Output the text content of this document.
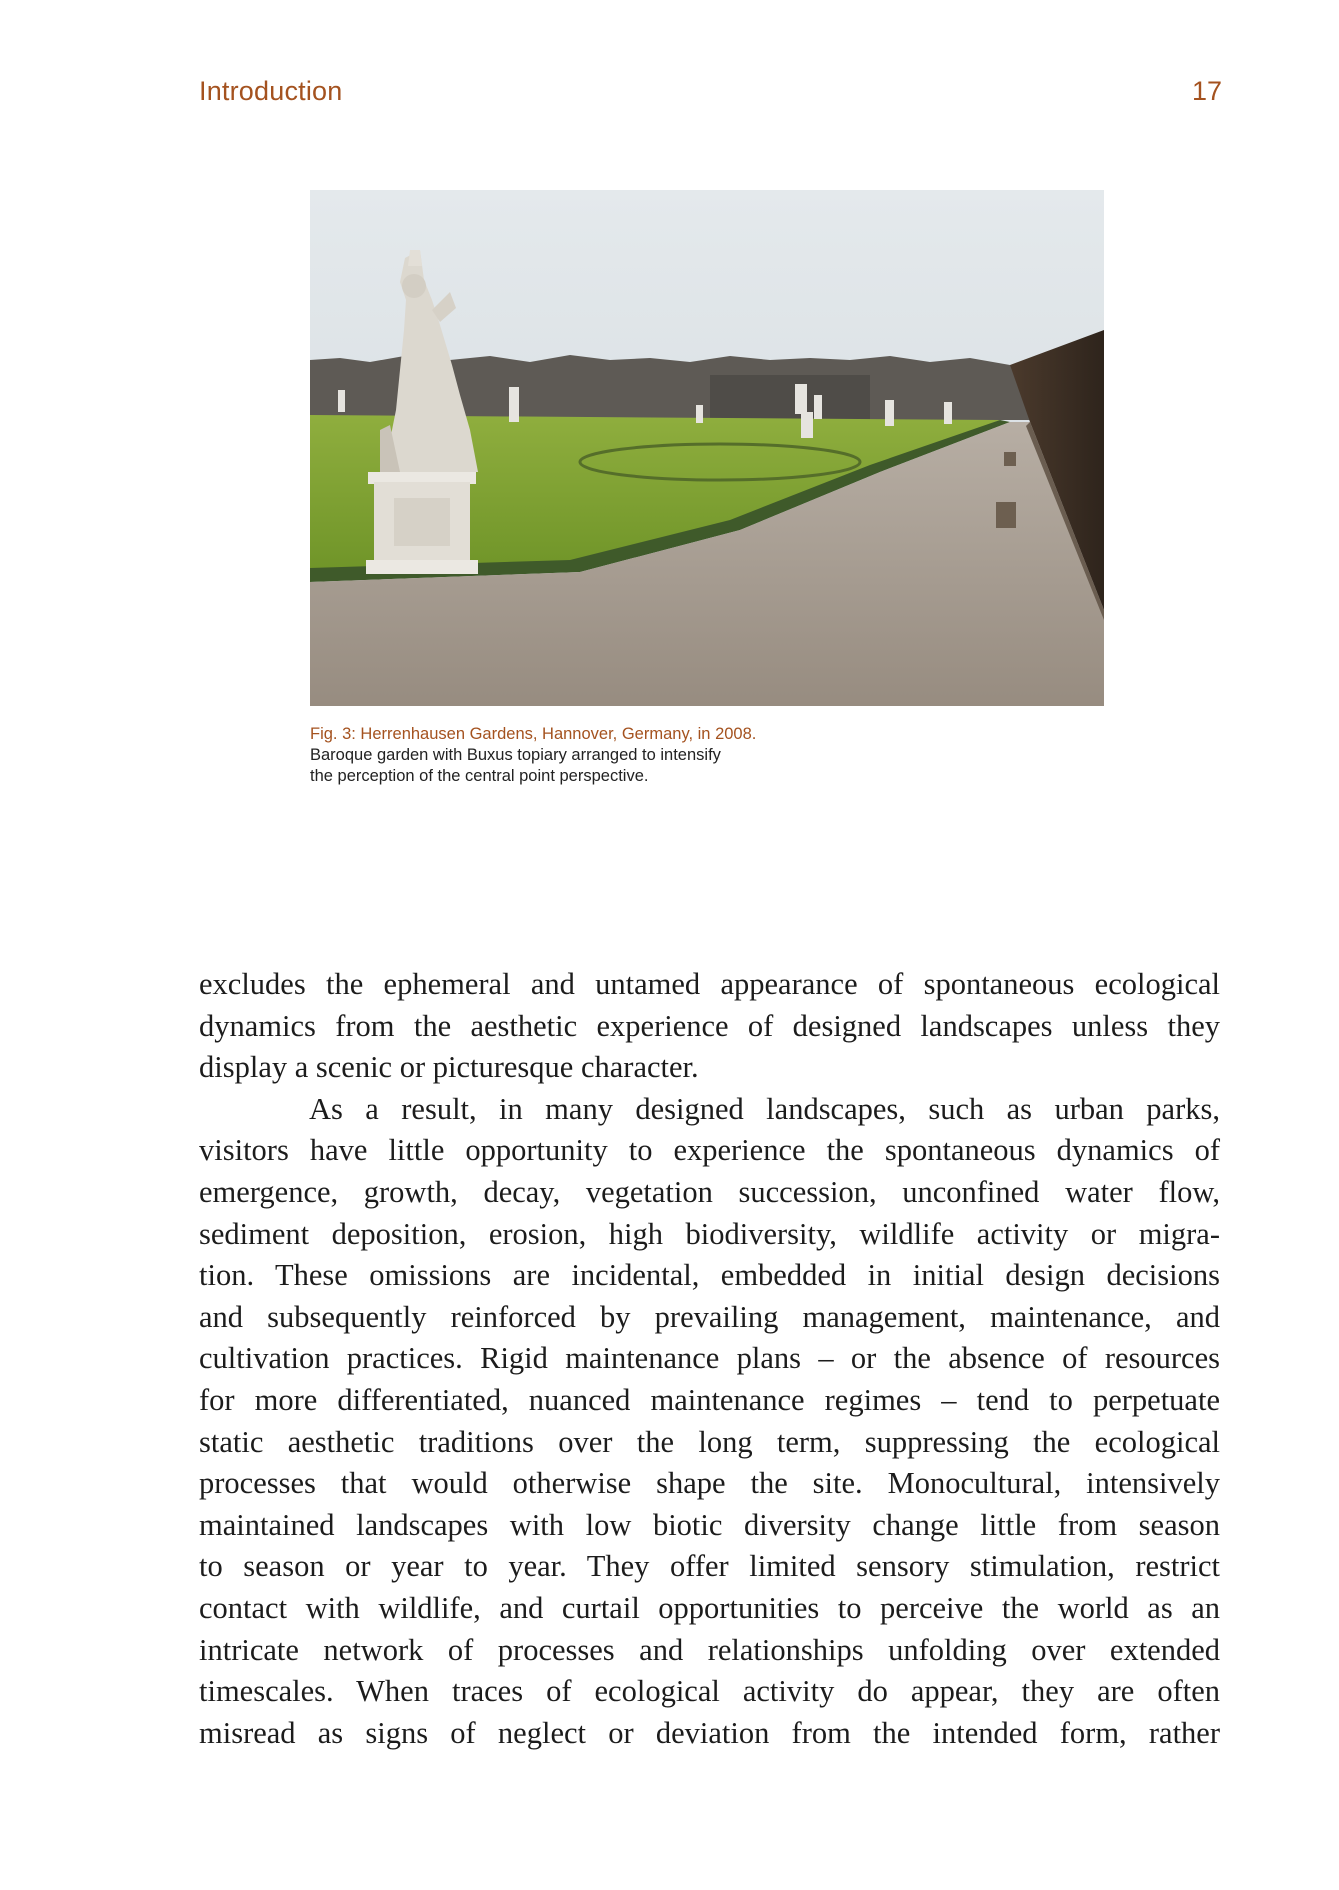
Introduction	17
Fig. 3: Herrenhausen Gardens, Hannover, Germany, in 2008.
Baroque garden with Buxus topiary arranged to intensify
the perception of the central point perspective.
excludes the ephemeral and untamed appearance of spontaneous ecological
dynamics from the aesthetic experience of designed landscapes unless they
display a scenic or picturesque character.
As a result, in many designed landscapes, such as urban parks,
visitors have little opportunity to experience the spontaneous dynamics of
emergence, growth, decay, vegetation succession, unconfined water flow,
sediment deposition, erosion, high biodiversity, wildlife activity or migra-
tion. These omissions are incidental, embedded in initial design decisions
and subsequently reinforced by prevailing management, maintenance, and
cultivation practices. Rigid maintenance plans – or the absence of resources
for more differentiated, nuanced maintenance regimes – tend to perpetuate
static aesthetic traditions over the long term, suppressing the ecological
processes that would otherwise shape the site. Monocultural, intensively
maintained landscapes with low biotic diversity change little from season
to season or year to year. They offer limited sensory stimulation, restrict
contact with wildlife, and curtail opportunities to perceive the world as an
intricate network of processes and relationships unfolding over extended
timescales. When traces of ecological activity do appear, they are often
misread as signs of neglect or deviation from the intended form, rather
